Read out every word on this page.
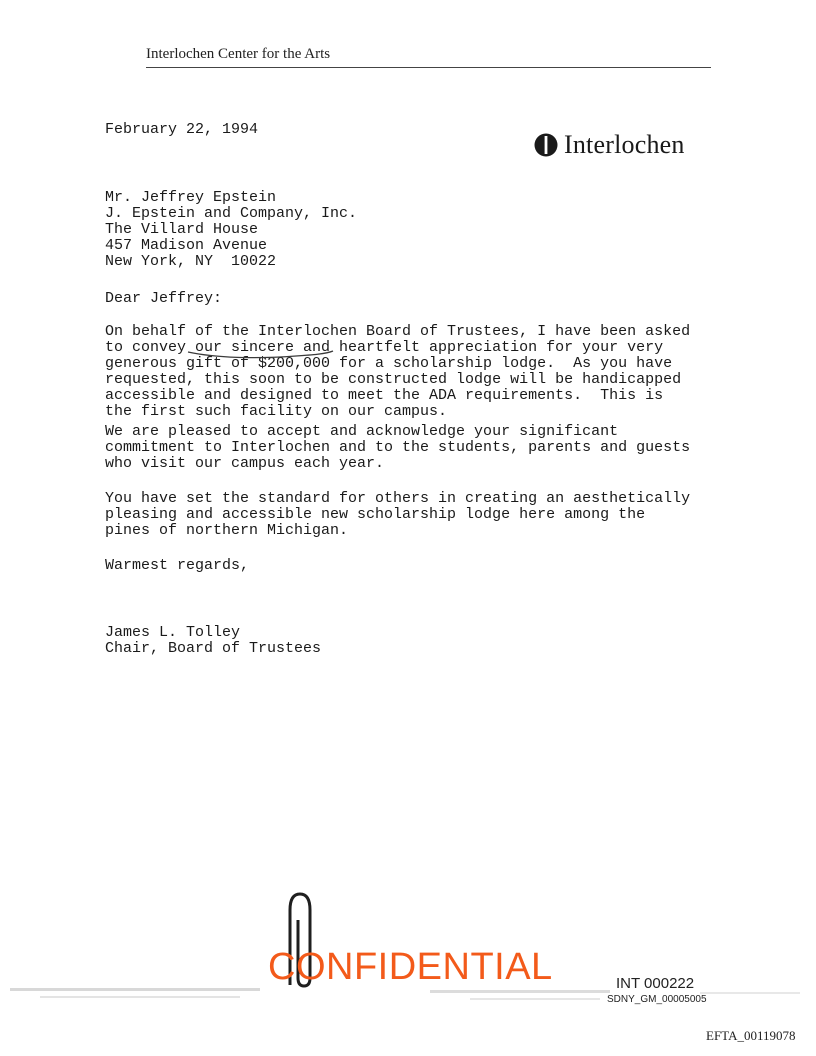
Interlochen Center for the Arts
Interlochen
February 22, 1994
Mr. Jeffrey Epstein
J. Epstein and Company, Inc.
The Villard House
457 Madison Avenue
New York, NY  10022
Dear Jeffrey:
On behalf of the Interlochen Board of Trustees, I have been asked
to convey our sincere and heartfelt appreciation for your very
generous gift of $200,000 for a scholarship lodge.  As you have
requested, this soon to be constructed lodge will be handicapped
accessible and designed to meet the ADA requirements.  This is
the first such facility on our campus.
We are pleased to accept and acknowledge your significant
commitment to Interlochen and to the students, parents and guests
who visit our campus each year.
You have set the standard for others in creating an aesthetically
pleasing and accessible new scholarship lodge here among the
pines of northern Michigan.
Warmest regards,
James L. Tolley
Chair, Board of Trustees
CONFIDENTIAL	INT 000222
SDNY_GM_00005005
EFTA_00119078
